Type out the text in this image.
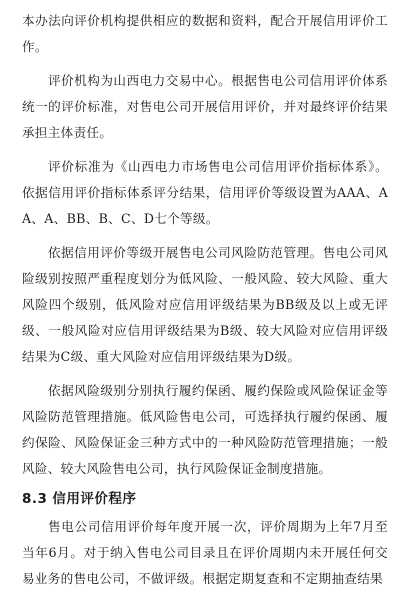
本办法向评价机构提供相应的数据和资料，配合开展信用评价工作。

评价机构为山西电力交易中心。根据售电公司信用评价体系统一的评价标准，对售电公司开展信用评价，并对最终评价结果承担主体责任。

评价标准为《山西电力市场售电公司信用评价指标体系》。依据信用评价指标体系评分结果，信用评价等级设置为AAA、AA、A、BB、B、C、D七个等级。

依据信用评价等级开展售电公司风险防范管理。售电公司风险级别按照严重程度划分为低风险、一般风险、较大风险、重大风险四个级别，低风险对应信用评级结果为BB级及以上或无评级、一般风险对应信用评级结果为B级、较大风险对应信用评级结果为C级、重大风险对应信用评级结果为D级。

依据风险级别分别执行履约保函、履约保险或风险保证金等风险防范管理措施。低风险售电公司，可选择执行履约保函、履约保险、风险保证金三种方式中的一种风险防范管理措施；一般风险、较大风险售电公司，执行风险保证金制度措施。

8.3 信用评价程序

售电公司信用评价每年度开展一次，评价周期为上年7月至当年6月。对于纳入售电公司目录且在评价周期内未开展任何交易业务的售电公司，不做评级。根据定期复查和不定期抽查结果
